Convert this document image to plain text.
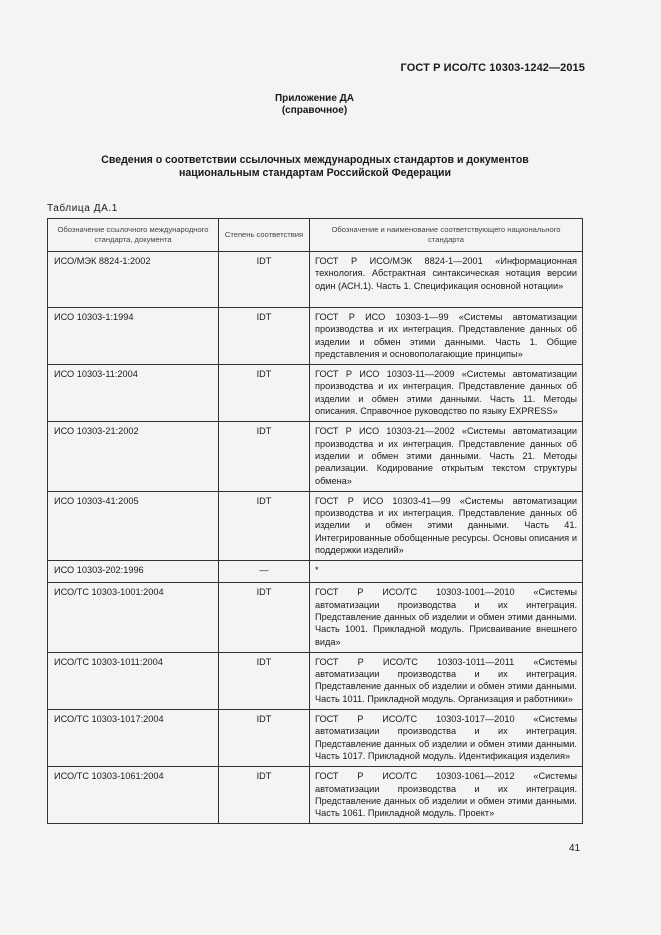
ГОСТ Р ИСО/ТС 10303-1242—2015
Приложение ДА
(справочное)
Сведения о соответствии ссылочных международных стандартов и документов
национальным стандартам Российской Федерации
Таблица ДА.1
Обозначение ссылочного международного стандарта, документа	Степень соответствия	Обозначение и наименование соответствующего национального стандарта
ИСО/МЭК 8824-1:2002	IDT	ГОСТ Р ИСО/МЭК 8824-1—2001 «Информационная технология. Абстрактная синтаксическая нотация версии один (АСН.1). Часть 1. Спецификация основной нотации»
ИСО 10303-1:1994	IDT	ГОСТ Р ИСО 10303-1—99 «Системы автоматизации производства и их интеграция. Представление данных об изделии и обмен этими данными. Часть 1. Общие представления и основополагающие принципы»
ИСО 10303-11:2004	IDT	ГОСТ Р ИСО 10303-11—2009 «Системы автоматизации производства и их интеграция. Представление данных об изделии и обмен этими данными. Часть 11. Методы описания. Справочное руководство по языку EXPRESS»
ИСО 10303-21:2002	IDT	ГОСТ Р ИСО 10303-21—2002 «Системы автоматизации производства и их интеграция. Представление данных об изделии и обмен этими данными. Часть 21. Методы реализации. Кодирование открытым текстом структуры обмена»
ИСО 10303-41:2005	IDT	ГОСТ Р ИСО 10303-41—99 «Системы автоматизации производства и их интеграция. Представление данных об изделии и обмен этими данными. Часть 41. Интегрированные обобщенные ресурсы. Основы описания и поддержки изделий»
ИСО 10303-202:1996	—	*
ИСО/ТС 10303-1001:2004	IDT	ГОСТ Р ИСО/ТС 10303-1001—2010 «Системы автоматизации производства и их интеграция. Представление данных об изделии и обмен этими данными. Часть 1001. Прикладной модуль. Присваивание внешнего вида»
ИСО/ТС 10303-1011:2004	IDT	ГОСТ Р ИСО/ТС 10303-1011—2011 «Системы автоматизации производства и их интеграция. Представление данных об изделии и обмен этими данными. Часть 1011. Прикладной модуль. Организация и работники»
ИСО/ТС 10303-1017:2004	IDT	ГОСТ Р ИСО/ТС 10303-1017—2010 «Системы автоматизации производства и их интеграция. Представление данных об изделии и обмен этими данными. Часть 1017. Прикладной модуль. Идентификация изделия»
ИСО/ТС 10303-1061:2004	IDT	ГОСТ Р ИСО/ТС 10303-1061—2012 «Системы автоматизации производства и их интеграция. Представление данных об изделии и обмен этими данными. Часть 1061. Прикладной модуль. Проект»
41
